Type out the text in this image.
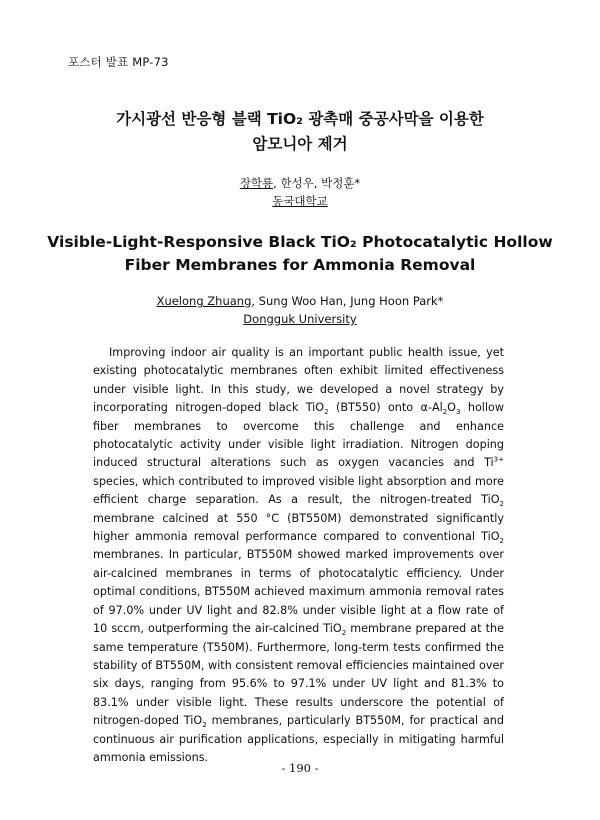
포스터 발표 MP-73
가시광선 반응형 블랙 TiO₂ 광촉매 중공사막을 이용한
암모니아 제거
장학룡, 한성우, 박정훈*
동국대학교
Visible-Light-Responsive Black TiO₂ Photocatalytic Hollow
Fiber Membranes for Ammonia Removal
Xuelong Zhuang, Sung Woo Han, Jung Hoon Park*
Dongguk University
Improving indoor air quality is an important public health issue, yet existing photocatalytic membranes often exhibit limited effectiveness under visible light. In this study, we developed a novel strategy by incorporating nitrogen-doped black TiO$_2$ (BT550) onto $\alpha-Al_2O_3$ hollow fiber membranes to overcome this challenge and enhance photocatalytic activity under visible light irradiation. Nitrogen doping induced structural alterations such as oxygen vacancies and $Ti^{3+}$ species, which contributed to improved visible light absorption and more efficient charge separation. As a result, the nitrogen-treated TiO$_2$ membrane calcined at 550 °C (BT550M) demonstrated significantly higher ammonia removal performance compared to conventional TiO$_2$ membranes. In particular, BT550M showed marked improvements over air-calcined membranes in terms of photocatalytic efficiency. Under optimal conditions, BT550M achieved maximum ammonia removal rates of 97.0% under UV light and 82.8% under visible light at a flow rate of 10 sccm, outperforming the air-calcined TiO$_2$ membrane prepared at the same temperature (T550M). Furthermore, long-term tests confirmed the stability of BT550M, with consistent removal efficiencies maintained over six days, ranging from 95.6% to 97.1% under UV light and 81.3% to 83.1% under visible light. These results underscore the potential of nitrogen-doped TiO$_2$ membranes, particularly BT550M, for practical and continuous air purification applications, especially in mitigating harmful ammonia emissions.
- 190 -
